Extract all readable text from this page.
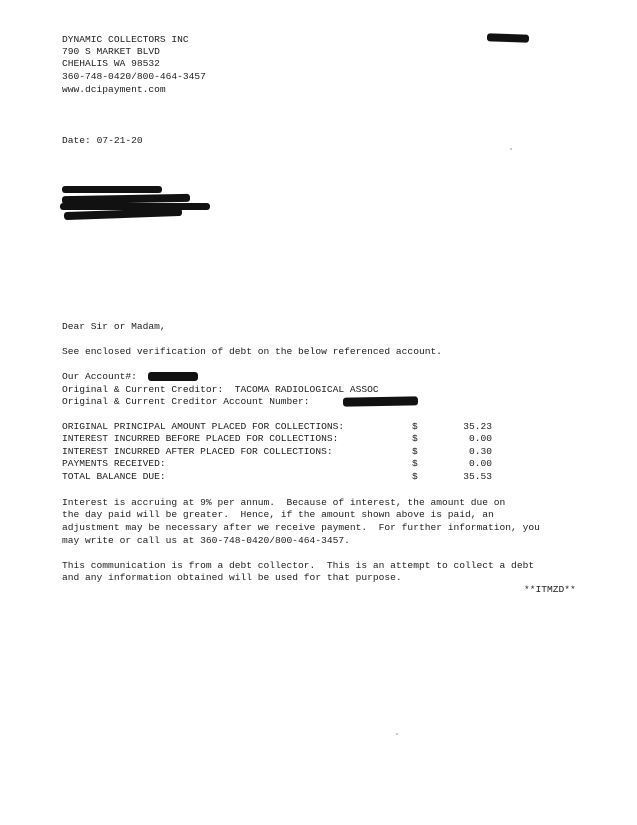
DYNAMIC COLLECTORS INC
790 S MARKET BLVD
CHEHALIS WA 98532
360-748-0420/800-464-3457
www.dcipayment.com
Date: 07-21-20
Dear Sir or Madam,
See enclosed verification of debt on the below referenced account.
Our Account#:
Original & Current Creditor: TACOMA RADIOLOGICAL ASSOC
Original & Current Creditor Account Number:
ORIGINAL PRINCIPAL AMOUNT PLACED FOR COLLECTIONS:	$	35.23
INTEREST INCURRED BEFORE PLACED FOR COLLECTIONS:	$	0.00
INTEREST INCURRED AFTER PLACED FOR COLLECTIONS:	$	0.30
PAYMENTS RECEIVED:	$	0.00
TOTAL BALANCE DUE:	$	35.53
Interest is accruing at 9% per annum.  Because of interest, the amount due on
the day paid will be greater.  Hence, if the amount shown above is paid, an
adjustment may be necessary after we receive payment.  For further information, you
may write or call us at 360-748-0420/800-464-3457.
This communication is from a debt collector.  This is an attempt to collect a debt
and any information obtained will be used for that purpose.
**ITMZD**
